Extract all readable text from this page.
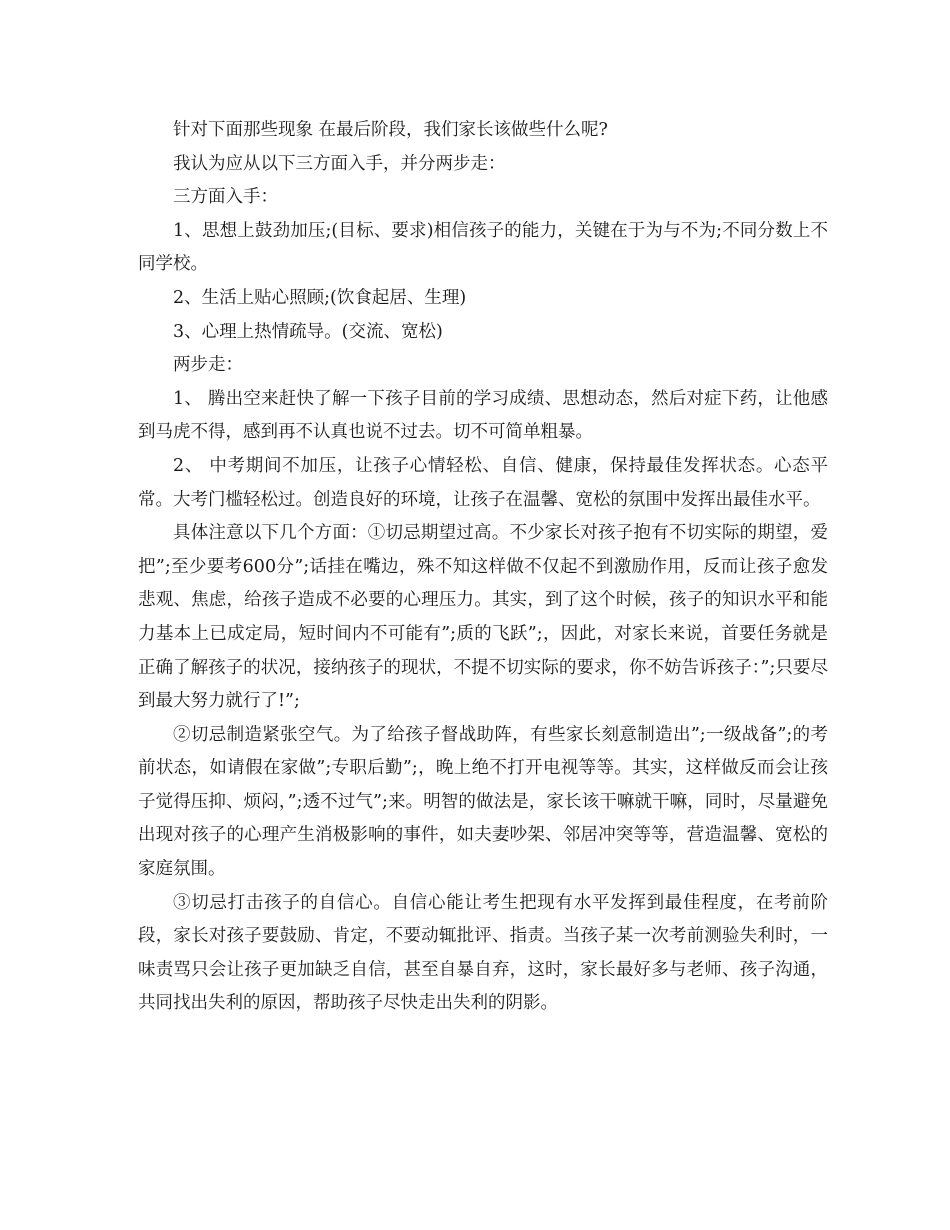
针对下面那些现象 在最后阶段，我们家长该做些什么呢?

我认为应从以下三方面入手，并分两步走：

三方面入手：

1、思想上鼓劲加压;(目标、要求)相信孩子的能力，关键在于为与不为;不同分数上不同学校。

2、生活上贴心照顾;(饮食起居、生理)

3、心理上热情疏导。(交流、宽松)

两步走：

1、 腾出空来赶快了解一下孩子目前的学习成绩、思想动态，然后对症下药，让他感到马虎不得，感到再不认真也说不过去。切不可简单粗暴。

2、 中考期间不加压，让孩子心情轻松、自信、健康，保持最佳发挥状态。心态平常。大考门槛轻松过。创造良好的环境，让孩子在温馨、宽松的氛围中发挥出最佳水平。

具体注意以下几个方面：①切忌期望过高。不少家长对孩子抱有不切实际的期望，爱把”;至少要考600分”;话挂在嘴边，殊不知这样做不仅起不到激励作用，反而让孩子愈发悲观、焦虑，给孩子造成不必要的心理压力。其实，到了这个时候，孩子的知识水平和能力基本上已成定局，短时间内不可能有”;质的飞跃”;，因此，对家长来说，首要任务就是正确了解孩子的状况，接纳孩子的现状，不提不切实际的要求，你不妨告诉孩子：”;只要尽到最大努力就行了!”;

②切忌制造紧张空气。为了给孩子督战助阵，有些家长刻意制造出”;一级战备”;的考前状态，如请假在家做”;专职后勤”;，晚上绝不打开电视等等。其实，这样做反而会让孩子觉得压抑、烦闷，”;透不过气”;来。明智的做法是，家长该干嘛就干嘛，同时，尽量避免出现对孩子的心理产生消极影响的事件，如夫妻吵架、邻居冲突等等，营造温馨、宽松的家庭氛围。

③切忌打击孩子的自信心。自信心能让考生把现有水平发挥到最佳程度，在考前阶段，家长对孩子要鼓励、肯定，不要动辄批评、指责。当孩子某一次考前测验失利时，一味责骂只会让孩子更加缺乏自信，甚至自暴自弃，这时，家长最好多与老师、孩子沟通，共同找出失利的原因，帮助孩子尽快走出失利的阴影。
